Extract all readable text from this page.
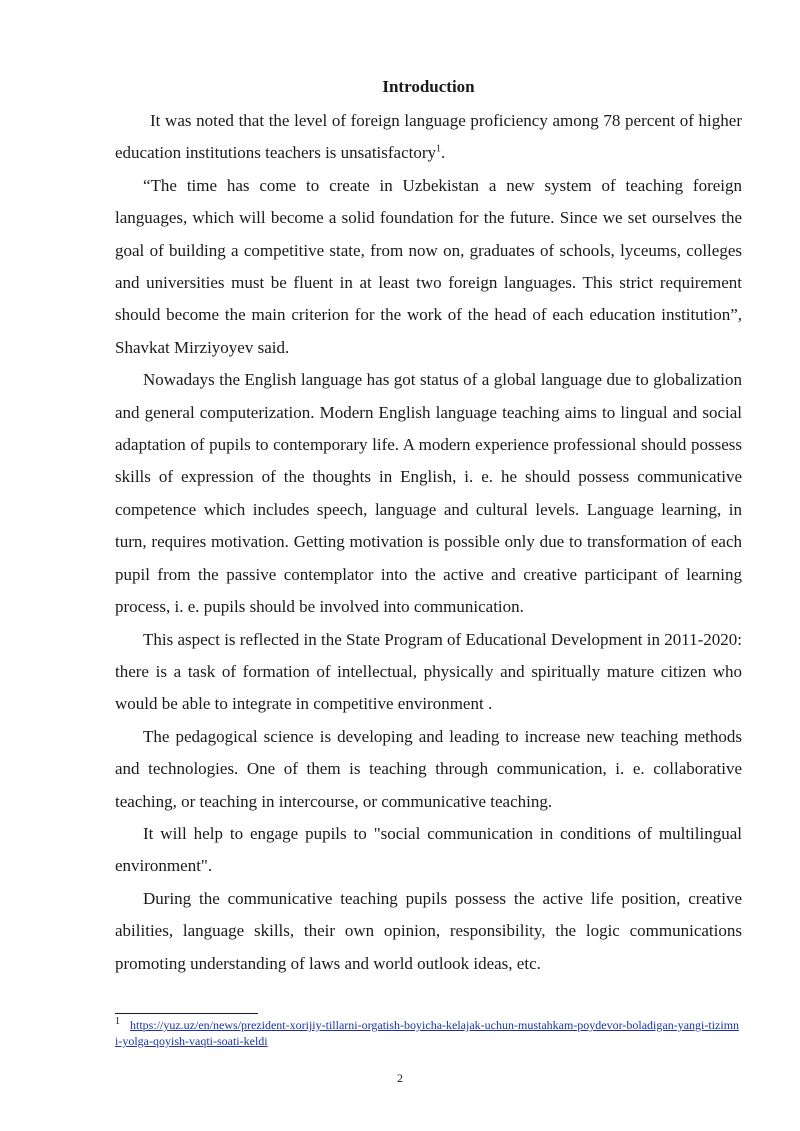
Introduction

It was noted that the level of foreign language proficiency among 78 percent of higher education institutions teachers is unsatisfactory$^1$.

“The time has come to create in Uzbekistan a new system of teaching foreign languages, which will become a solid foundation for the future. Since we set ourselves the goal of building a competitive state, from now on, graduates of schools, lyceums, colleges and universities must be fluent in at least two foreign languages. This strict requirement should become the main criterion for the work of the head of each education institution”, Shavkat Mirziyoyev said.

Nowadays the English language has got status of a global language due to globalization and general computerization. Modern English language teaching aims to lingual and social adaptation of pupils to contemporary life. A modern experience professional should possess skills of expression of the thoughts in English, i. e. he should possess communicative competence which includes speech, language and cultural levels. Language learning, in turn, requires motivation. Getting motivation is possible only due to transformation of each pupil from the passive contemplator into the active and creative participant of learning process, i. e. pupils should be involved into communication.

This aspect is reflected in the State Program of Educational Development in 2011-2020: there is a task of formation of intellectual, physically and spiritually mature citizen who would be able to integrate in competitive environment .

The pedagogical science is developing and leading to increase new teaching methods and technologies. One of them is teaching through communication, i. e. collaborative teaching, or teaching in intercourse, or communicative teaching.

It will help to engage pupils to "social communication in conditions of multilingual environment".

During the communicative teaching pupils possess the active life position, creative abilities, language skills, their own opinion, responsibility, the logic communications promoting understanding of laws and world outlook ideas, etc.

$^1$ https://yuz.uz/en/news/prezident-xorijiy-tillarni-orgatish-boyicha-kelajak-uchun-mustahkam-poydevor-boladigan-yangi-tizimni-yolga-qoyish-vaqti-soati-keldi
2
